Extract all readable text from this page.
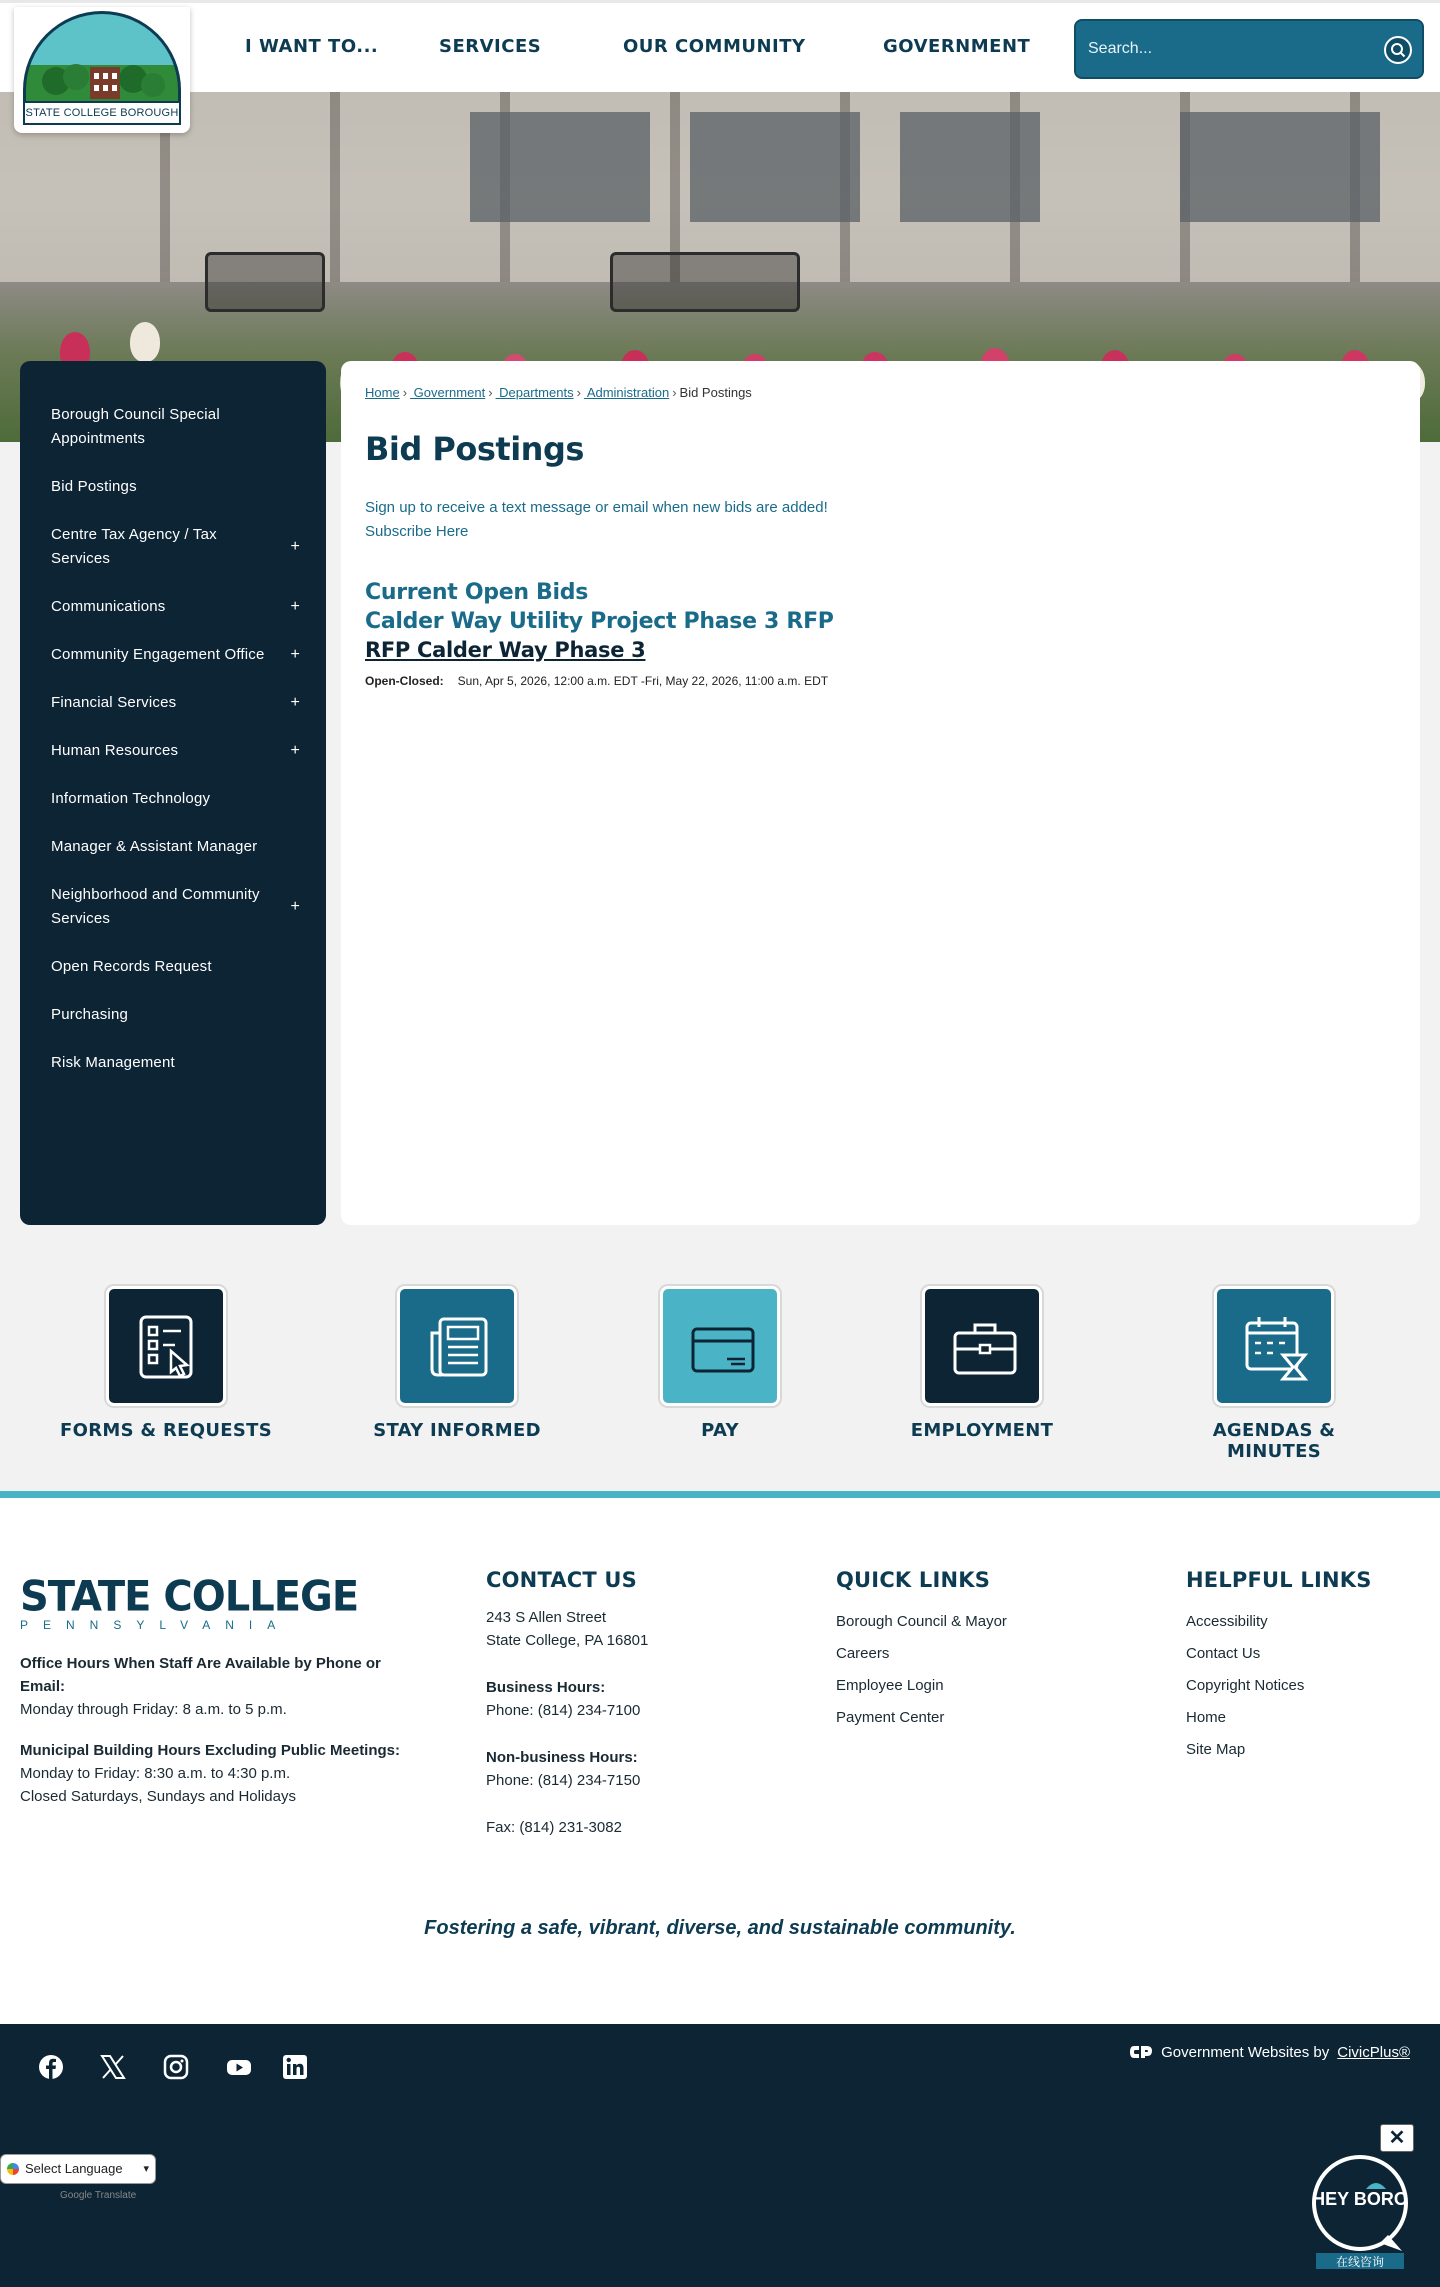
STATE COLLEGE BOROUGH
I WANT TO...	SERVICES	OUR COMMUNITY	GOVERNMENT
Search...
Borough Council Special Appointments
Bid Postings
Centre Tax Agency / Tax Services
+
Communications	+
Community Engagement Office +
Financial Services	+
Human Resources	+
Information Technology
Manager & Assistant Manager
Neighborhood and Community Services
+
Open Records Request
Purchasing
Risk Management
Home › Government › Departments › Administration › Bid Postings
Bid Postings
Sign up to receive a text message or email when new bids are added!
Subscribe Here
Current Open Bids
Calder Way Utility Project Phase 3 RFP
RFP Calder Way Phase 3
Open-Closed: Sun, Apr 5, 2026, 12:00 a.m. EDT -Fri, May 22, 2026, 11:00 a.m. EDT
FORMS & REQUESTS	STAY INFORMED	PAY	EMPLOYMENT	AGENDAS & MINUTES
STATE COLLEGE
PENNSYLVANIA

Office Hours When Staff Are Available by Phone or Email:
Monday through Friday: 8 a.m. to 5 p.m.

Municipal Building Hours Excluding Public Meetings:
Monday to Friday: 8:30 a.m. to 4:30 p.m.
Closed Saturdays, Sundays and Holidays

CONTACT US
243 S Allen Street
State College, PA 16801
Business Hours:
Phone: (814) 234-7100
Non-business Hours:
Phone: (814) 234-7150
Fax: (814) 231-3082
QUICK LINKS
Borough Council & Mayor
Careers
Employee Login
Payment Center
HELPFUL LINKS
Accessibility
Contact Us
Copyright Notices
Home
Site Map
Fostering a safe, vibrant, diverse, and sustainable community.
Government Websites by CivicPlus®
Select Language ▾
Google Translate
✕
HEY BORO
在线咨询
